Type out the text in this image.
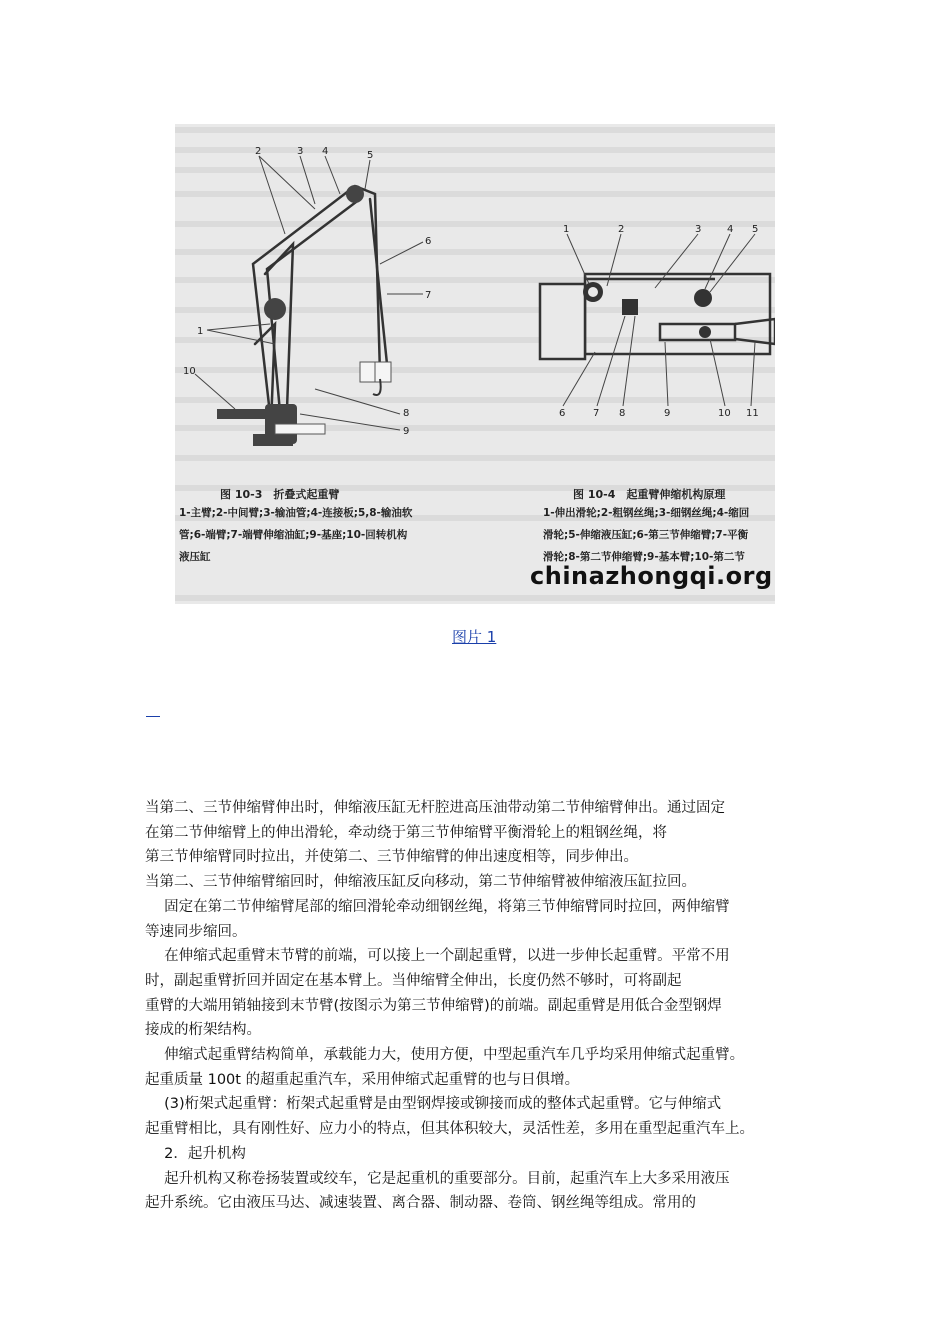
2	3 4	5
6
7
1
10
8
9
1	2	3	4 5
6	7 8	9	10 11
图 10-3　折叠式起重臂
1-主臂;2-中间臂;3-输油管;4-连接板;5,8-输油软
管;6-端臂;7-端臂伸缩油缸;9-基座;10-回转机构
液压缸
图 10-4　起重臂伸缩机构原理
1-伸出滑轮;2-粗钢丝绳;3-细钢丝绳;4-缩回
滑轮;5-伸缩液压缸;6-第三节伸缩臂;7-平衡
滑轮;8-第二节伸缩臂;9-基本臂;10-第二节
chinazhongqi.org
图片 1

当第二、三节伸缩臂伸出时，伸缩液压缸无杆腔进高压油带动第二节伸缩臂伸出。通过固定

在第二节伸缩臂上的伸出滑轮，牵动绕于第三节伸缩臂平衡滑轮上的粗钢丝绳，将

第三节伸缩臂同时拉出，并使第二、三节伸缩臂的伸出速度相等，同步伸出。

当第二、三节伸缩臂缩回时，伸缩液压缸反向移动，第二节伸缩臂被伸缩液压缸拉回。

　 固定在第二节伸缩臂尾部的缩回滑轮牵动细钢丝绳，将第三节伸缩臂同时拉回，两伸缩臂

等速同步缩回。

　 在伸缩式起重臂末节臂的前端，可以接上一个副起重臂，以进一步伸长起重臂。平常不用

时，副起重臂折回并固定在基本臂上。当伸缩臂全伸出，长度仍然不够时，可将副起

重臂的大端用销轴接到末节臂(按图示为第三节伸缩臂)的前端。副起重臂是用低合金型钢焊

接成的桁架结构。

　 伸缩式起重臂结构简单，承载能力大，使用方便，中型起重汽车几乎均采用伸缩式起重臂。

起重质量 100t 的超重起重汽车，采用伸缩式起重臂的也与日俱增。

　 (3)桁架式起重臂：桁架式起重臂是由型钢焊接或铆接而成的整体式起重臂。它与伸缩式

起重臂相比，具有刚性好、应力小的特点，但其体积较大，灵活性差，多用在重型起重汽车上。

　 2．起升机构

　 起升机构又称卷扬装置或绞车，它是起重机的重要部分。目前，起重汽车上大多采用液压

起升系统。它由液压马达、减速装置、离合器、制动器、卷筒、钢丝绳等组成。常用的
